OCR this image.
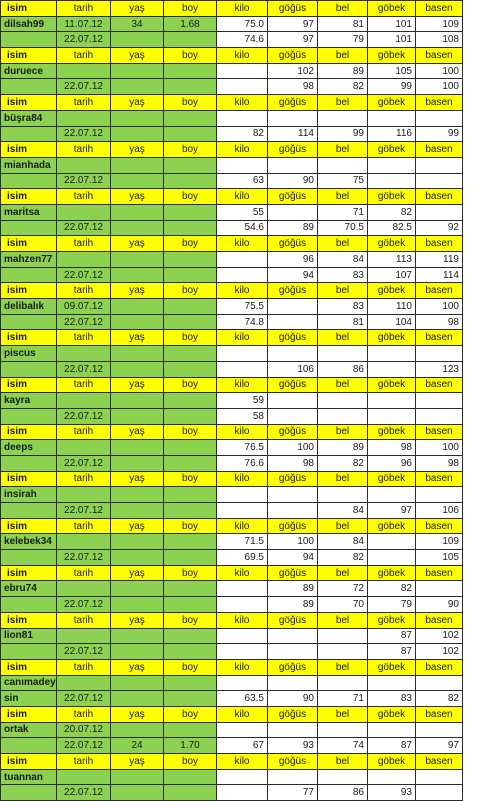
isim	tarih	yaş	boy	kilo	göğüs	bel	göbek	basen
dilsah99	11.07.12	34	1.68	75.0	97	81	101	109
	22.07.12			74.6	97	79	101	108
isim	tarih	yaş	boy	kilo	göğüs	bel	göbek	basen
duruece					102	89	105	100
	22.07.12				98	82	99	100
isim	tarih	yaş	boy	kilo	göğüs	bel	göbek	basen
büşra84								
	22.07.12			82	114	99	116	99
isim	tarih	yaş	boy	kilo	göğüs	bel	göbek	basen
mianhada								
	22.07.12			63	90	75		
isim	tarih	yaş	boy	kilo	göğüs	bel	göbek	basen
maritsa				55		71	82	
	22.07.12			54.6	89	70.5	82.5	92
isim	tarih	yaş	boy	kilo	göğüs	bel	göbek	basen
mahzen77					96	84	113	119
	22.07.12				94	83	107	114
isim	tarih	yaş	boy	kilo	göğüs	bel	göbek	basen
delibalık	09.07.12			75.5		83	110	100
	22.07.12			74.8		81	104	98
isim	tarih	yaş	boy	kilo	göğüs	bel	göbek	basen
piscus								
	22.07.12				106	86		123
isim	tarih	yaş	boy	kilo	göğüs	bel	göbek	basen
kayra				59				
	22.07.12			58				
isim	tarih	yaş	boy	kilo	göğüs	bel	göbek	basen
deeps				76.5	100	89	98	100
	22.07.12			76.6	98	82	96	98
isim	tarih	yaş	boy	kilo	göğüs	bel	göbek	basen
insirah								
	22.07.12					84	97	106
isim	tarih	yaş	boy	kilo	göğüs	bel	göbek	basen
kelebek34				71.5	100	84		109
	22.07.12			69.5	94	82		105
isim	tarih	yaş	boy	kilo	göğüs	bel	göbek	basen
ebru74					89	72	82	
	22.07.12				89	70	79	90
isim	tarih	yaş	boy	kilo	göğüs	bel	göbek	basen
lion81							87	102
	22.07.12						87	102
isim	tarih	yaş	boy	kilo	göğüs	bel	göbek	basen
canımadey								
sin	22.07.12			63.5	90	71	83	82
isim	tarih	yaş	boy	kilo	göğüs	bel	göbek	basen
ortak	20.07.12							
	22.07.12	24	1.70	67	93	74	87	97
isim	tarih	yaş	boy	kilo	göğüs	bel	göbek	basen
tuannan								
	22.07.12				77	86	93	
